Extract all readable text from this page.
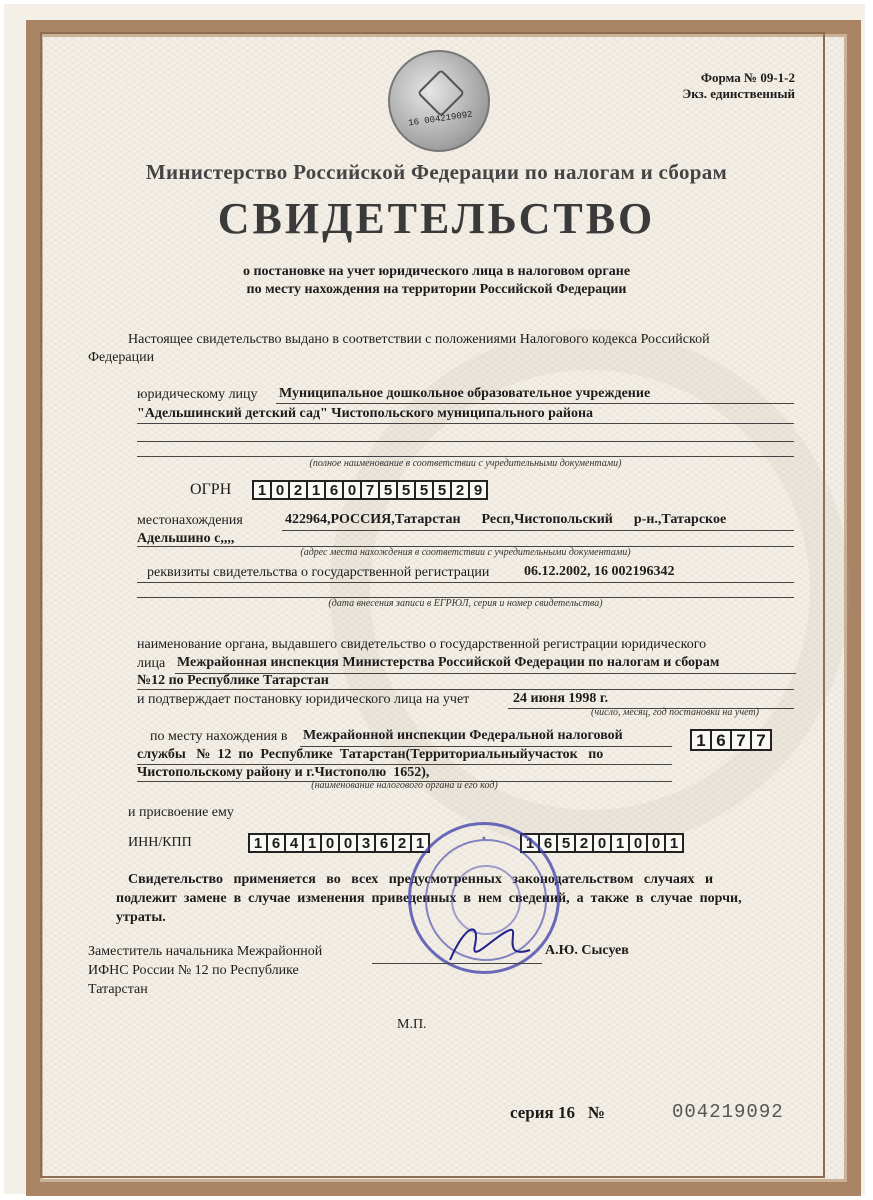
16 004219092
Форма № 09-1-2
Экз. единственный
Министерство Российской Федерации по налогам и сборам
СВИДЕТЕЛЬСТВО
о постановке на учет юридического лица в налоговом органе
по месту нахождения на территории Российской Федерации
Настоящее свидетельство выдано в соответствии с положениями Налогового кодекса Российской
Федерации
юридическому лицу Муниципальное дошкольное образовательное учреждение
"Адельшинский детский сад" Чистопольского муниципального района
(полное наименование в соответствии с учредительными документами)
ОГРН	1 0 2 1 6 0 7 5 5 5 5 2 9
местонахождения	422964,РОССИЯ,Татарстан      Респ,Чистопольский      р-н.,Татарское
Адельшино с,,,,
(адрес места нахождения в соответствии с учредительными документами)
реквизиты свидетельства о государственной регистрации 06.12.2002, 16 002196342
(дата внесения записи в ЕГРЮЛ, серия и номер свидетельства)
наименование органа, выдавшего свидетельство о государственной регистрации юридического
лица Межрайонная инспекция Министерства Российской Федерации по налогам и сборам
№12 по Республике Татарстан
и подтверждает постановку юридического лица на учет	24 июня 1998 г.
(число, месяц, год постановки на учет)
по месту нахождения в Межрайонной инспекции Федеральной налоговой
службы   №  12  по  Республике  Татарстан(Территориальныйучасток   по
Чистопольскому району и г.Чистополю  1652),
(наименование налогового органа и его код)
1 6 7 7
и присвоение ему
ИНН/КПП	1 6 4 1 0 0 3 6 2 1	1 6 5 2 0 1 0 0 1
Свидетельство   применяется   во   всех   предусмотренных   законодательством   случаях   и
подлежит  замене  в  случае  изменения  приведенных  в  нем  сведений,  а  также  в  случае  порчи,
утраты.
★
Заместитель начальника Межрайонной
ИФНС России № 12 по Республике
Татарстан
А.Ю. Сысуев
М.П.
серия 16   №	004219092
